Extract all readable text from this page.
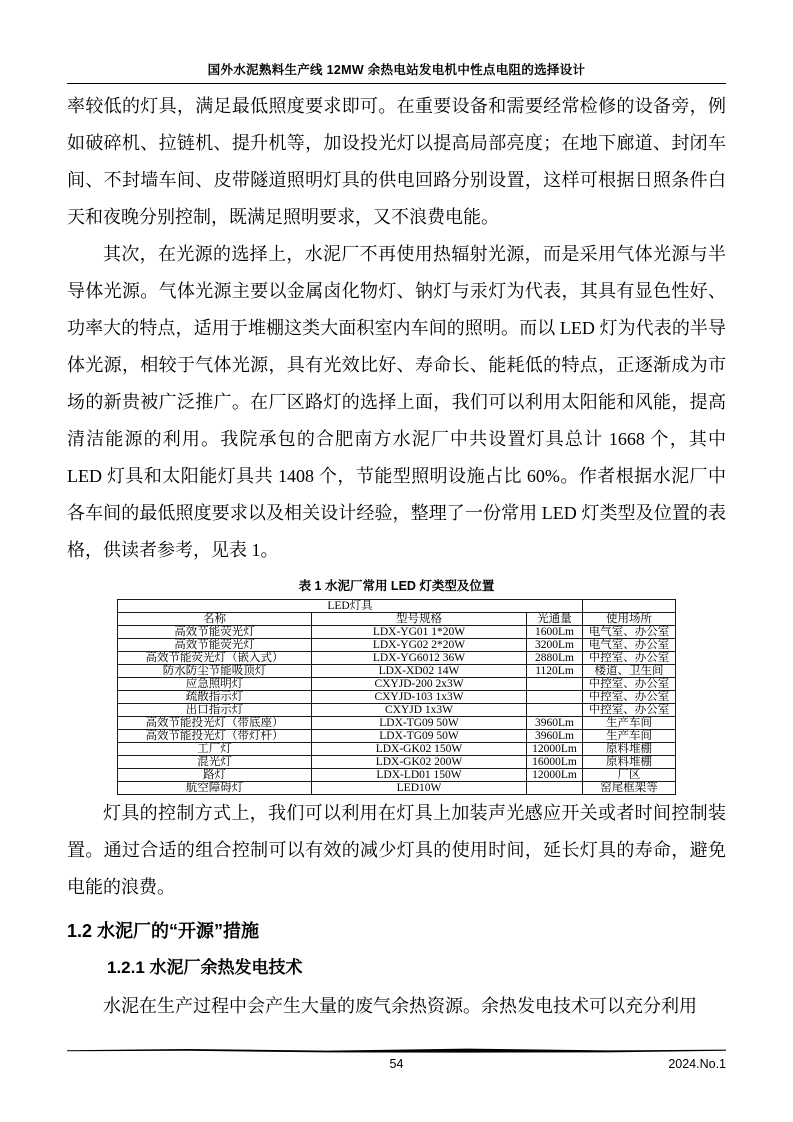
国外水泥熟料生产线 12MW 余热电站发电机中性点电阻的选择设计

率较低的灯具，满足最低照度要求即可。在重要设备和需要经常检修的设备旁，例如破碎机、拉链机、提升机等，加设投光灯以提高局部亮度；在地下廊道、封闭车间、不封墙车间、皮带隧道照明灯具的供电回路分别设置，这样可根据日照条件白天和夜晚分别控制，既满足照明要求，又不浪费电能。

其次，在光源的选择上，水泥厂不再使用热辐射光源，而是采用气体光源与半导体光源。气体光源主要以金属卤化物灯、钠灯与汞灯为代表，其具有显色性好、功率大的特点，适用于堆棚这类大面积室内车间的照明。而以 LED 灯为代表的半导体光源，相较于气体光源，具有光效比好、寿命长、能耗低的特点，正逐渐成为市场的新贵被广泛推广。在厂区路灯的选择上面，我们可以利用太阳能和风能，提高清洁能源的利用。我院承包的合肥南方水泥厂中共设置灯具总计 1668 个，其中 LED 灯具和太阳能灯具共 1408 个，节能型照明设施占比 60%。作者根据水泥厂中各车间的最低照度要求以及相关设计经验，整理了一份常用 LED 灯类型及位置的表格，供读者参考，见表 1。

表 1 水泥厂常用 LED 灯类型及位置
LED灯具			
名称	型号规格	光通量	使用场所
高效节能荧光灯	LDX-YG01 1*20W	1600Lm	电气室、办公室
高效节能荧光灯	LDX-YG02 2*20W	3200Lm	电气室、办公室
高效节能荧光灯（嵌入式）	LDX-YG6012 36W	2880Lm	中控室、办公室
防水防尘节能吸顶灯	LDX-XD02 14W	1120Lm	楼道、卫生间
应急照明灯	CXYJD-200 2x3W		中控室、办公室
疏散指示灯	CXYJD-103 1x3W		中控室、办公室
出口指示灯	CXYJD 1x3W		中控室、办公室
高效节能投光灯（带底座）	LDX-TG09 50W	3960Lm	生产车间
高效节能投光灯（带灯杆）	LDX-TG09 50W	3960Lm	生产车间
工厂灯	LDX-GK02 150W	12000Lm	原料堆棚
混光灯	LDX-GK02 200W	16000Lm	原料堆棚
路灯	LDX-LD01 150W	12000Lm	厂区
航空障碍灯	LED10W		窑尾框架等

灯具的控制方式上，我们可以利用在灯具上加装声光感应开关或者时间控制装置。通过合适的组合控制可以有效的减少灯具的使用时间，延长灯具的寿命，避免电能的浪费。

1.2 水泥厂的“开源”措施
1.2.1 水泥厂余热发电技术

水泥在生产过程中会产生大量的废气余热资源。余热发电技术可以充分利用

54	2024.No.1
